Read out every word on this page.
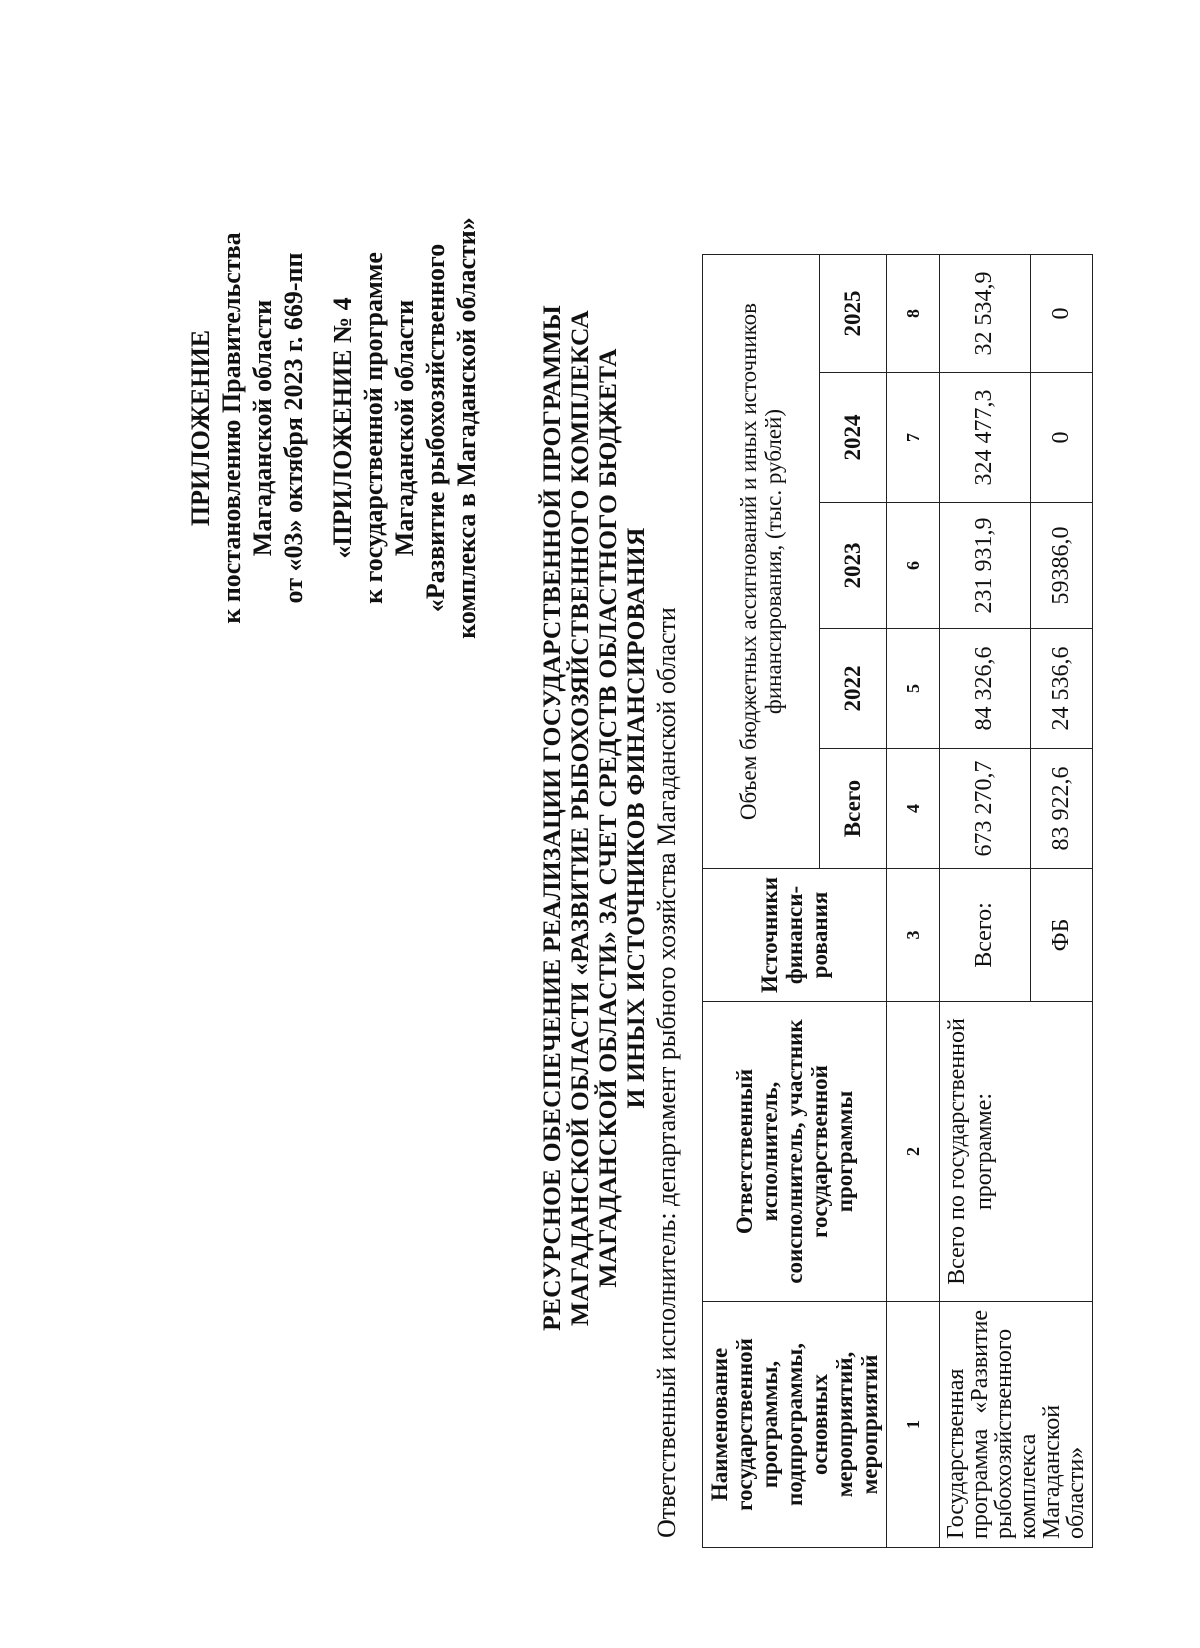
ПРИЛОЖЕНИЕ к постановлению Правительства Магаданской области от «03» октября 2023 г. 669-пп «ПРИЛОЖЕНИЕ № 4 к государственной программе Магаданской области «Развитие рыбохозяйственного комплекса в Магаданской области» РЕСУРСНОЕ ОБЕСПЕЧЕНИЕ РЕАЛИЗАЦИИ ГОСУДАРСТВЕННОЙ ПРОГРАММЫ МАГАДАНСКОЙ ОБЛАСТИ «РАЗВИТИЕ РЫБОХОЗЯЙСТВЕННОГО КОМПЛЕКСА МАГАДАНСКОЙ ОБЛАСТИ» ЗА СЧЕТ СРЕДСТВ ОБЛАСТНОГО БЮДЖЕТА И ИНЫХ ИСТОЧНИКОВ ФИНАНСИРОВАНИЯ Ответственный исполнитель: департамент рыбного хозяйства Магаданской области Наименование государственной программы, подпрограммы, основных мероприятий, мероприятий	Ответственный исполнитель, соисполнитель, участник государственной программы	Источники финанси-рования	Объем бюджетных ассигнований и иных источников финансирования, (тыс. рублей)				
			Всего	2022	2023	2024	2025
1	2	3	4	5	6	7	8
Государственная программа «Развитие рыбохозяйственного комплекса Магаданской области»	Всего по государственной программе:	Всего:	673 270,7	84 326,6	231 931,9	324 477,3	32 534,9
		ФБ	83 922,6	24 536,6	59386,0	0	0
